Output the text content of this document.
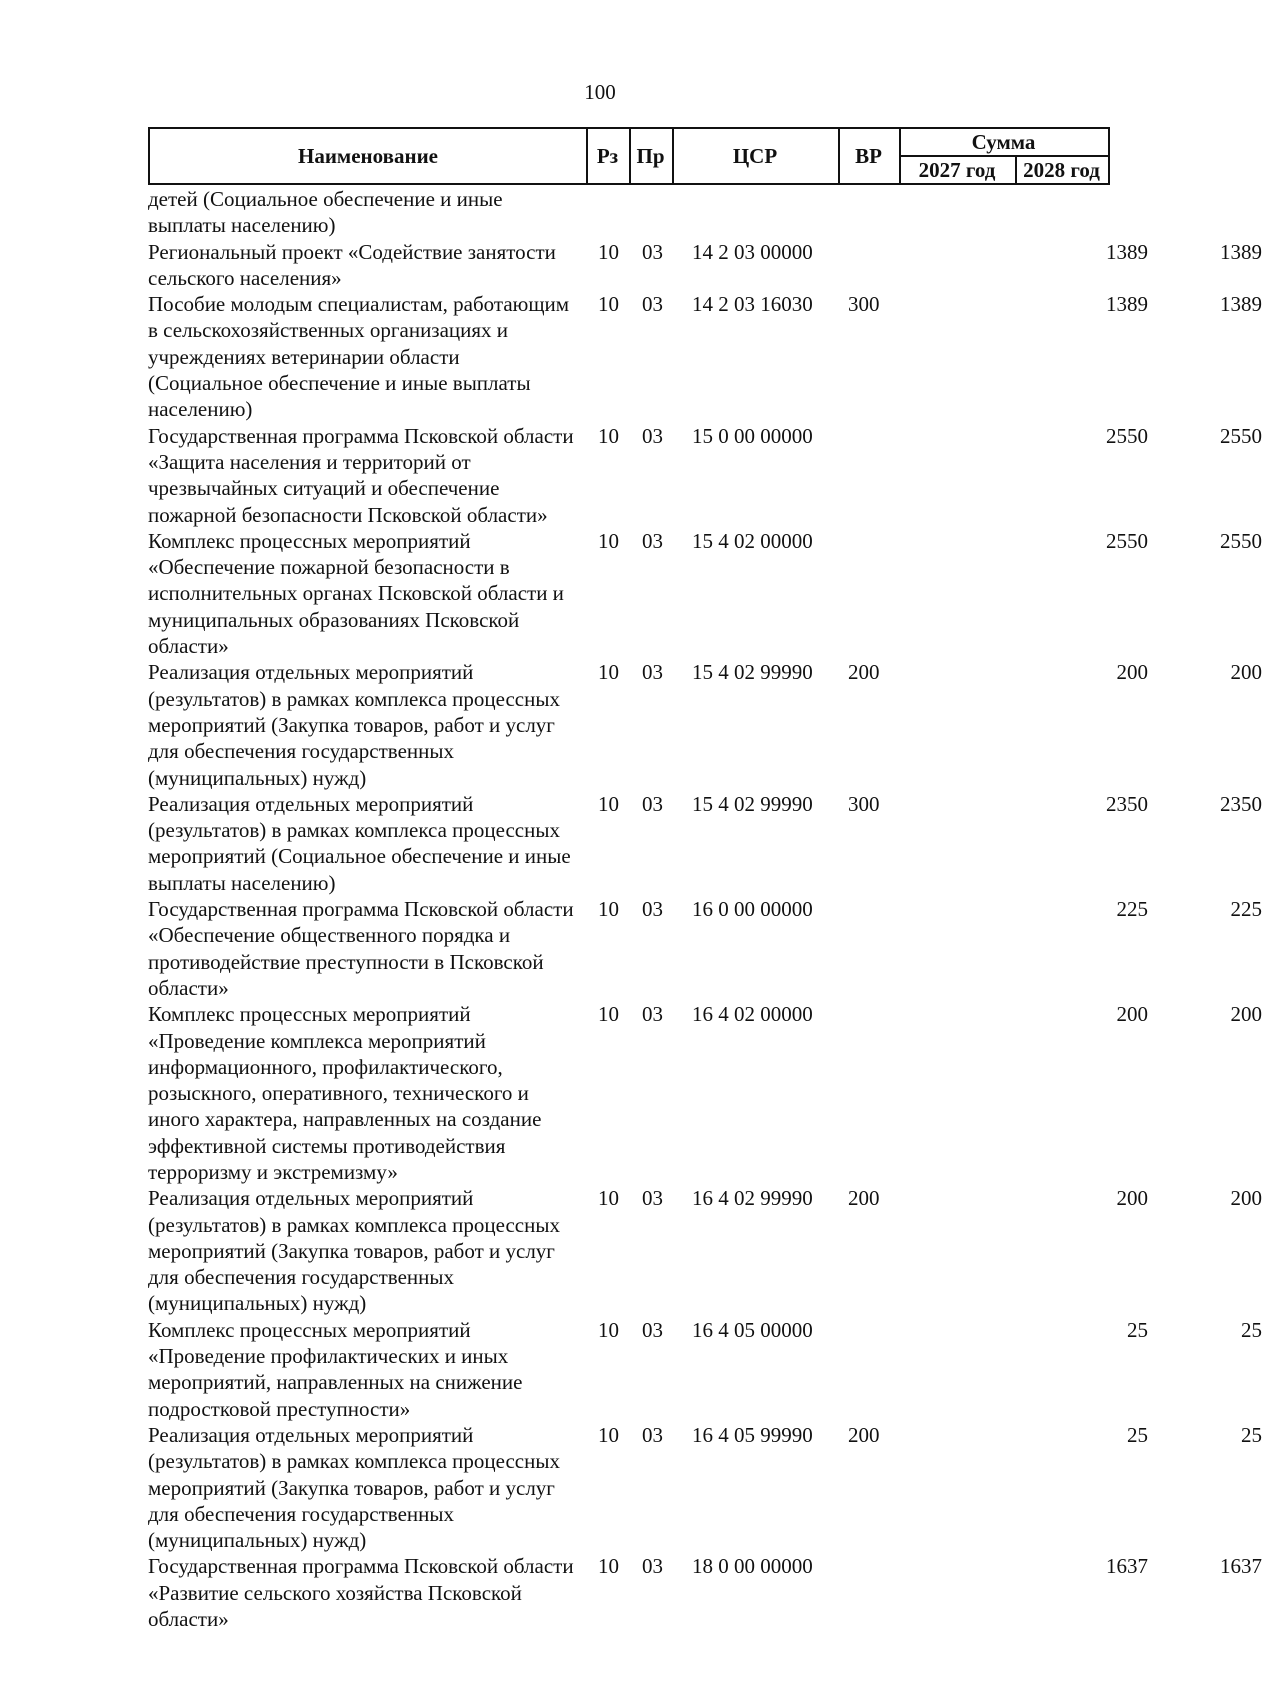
100
Наименование	Рз Пр	ЦСР	ВР
Сумма
2027 год	2028 год
детей (Социальное обеспечение и иные выплаты населению)
Региональный проект «Содействие занятости сельского населения»
10 03 14 2 03 00000	1389	1389
Пособие молодым специалистам, работающим в сельскохозяйственных организациях и учреждениях ветеринарии области (Социальное обеспечение и иные выплаты населению)
10 03 14 2 03 16030 300	1389	1389
Государственная программа Псковской области «Защита населения и территорий от чрезвычайных ситуаций и обеспечение пожарной безопасности Псковской области»
10 03 15 0 00 00000	2550	2550
Комплекс процессных мероприятий «Обеспечение пожарной безопасности в исполнительных органах Псковской области и муниципальных образованиях Псковской области»
10 03 15 4 02 00000	2550	2550
Реализация отдельных мероприятий (результатов) в рамках комплекса процессных мероприятий (Закупка товаров, работ и услуг для обеспечения государственных (муниципальных) нужд)
10 03 15 4 02 99990 200	200	200
Реализация отдельных мероприятий (результатов) в рамках комплекса процессных мероприятий (Социальное обеспечение и иные выплаты населению)
10 03 15 4 02 99990 300	2350	2350
Государственная программа Псковской области «Обеспечение общественного порядка и противодействие преступности в Псковской области»
10 03 16 0 00 00000	225	225
Комплекс процессных мероприятий «Проведение комплекса мероприятий информационного, профилактического, розыскного, оперативного, технического и иного характера, направленных на создание эффективной системы противодействия терроризму и экстремизму»
10 03 16 4 02 00000	200	200
Реализация отдельных мероприятий (результатов) в рамках комплекса процессных мероприятий (Закупка товаров, работ и услуг для обеспечения государственных (муниципальных) нужд)
10 03 16 4 02 99990 200	200	200
Комплекс процессных мероприятий «Проведение профилактических и иных мероприятий, направленных на снижение подростковой преступности»
10 03 16 4 05 00000	25	25
Реализация отдельных мероприятий (результатов) в рамках комплекса процессных мероприятий (Закупка товаров, работ и услуг для обеспечения государственных (муниципальных) нужд)
10 03 16 4 05 99990 200	25	25
Государственная программа Псковской области «Развитие сельского хозяйства Псковской области»
10 03 18 0 00 00000	1637	1637
